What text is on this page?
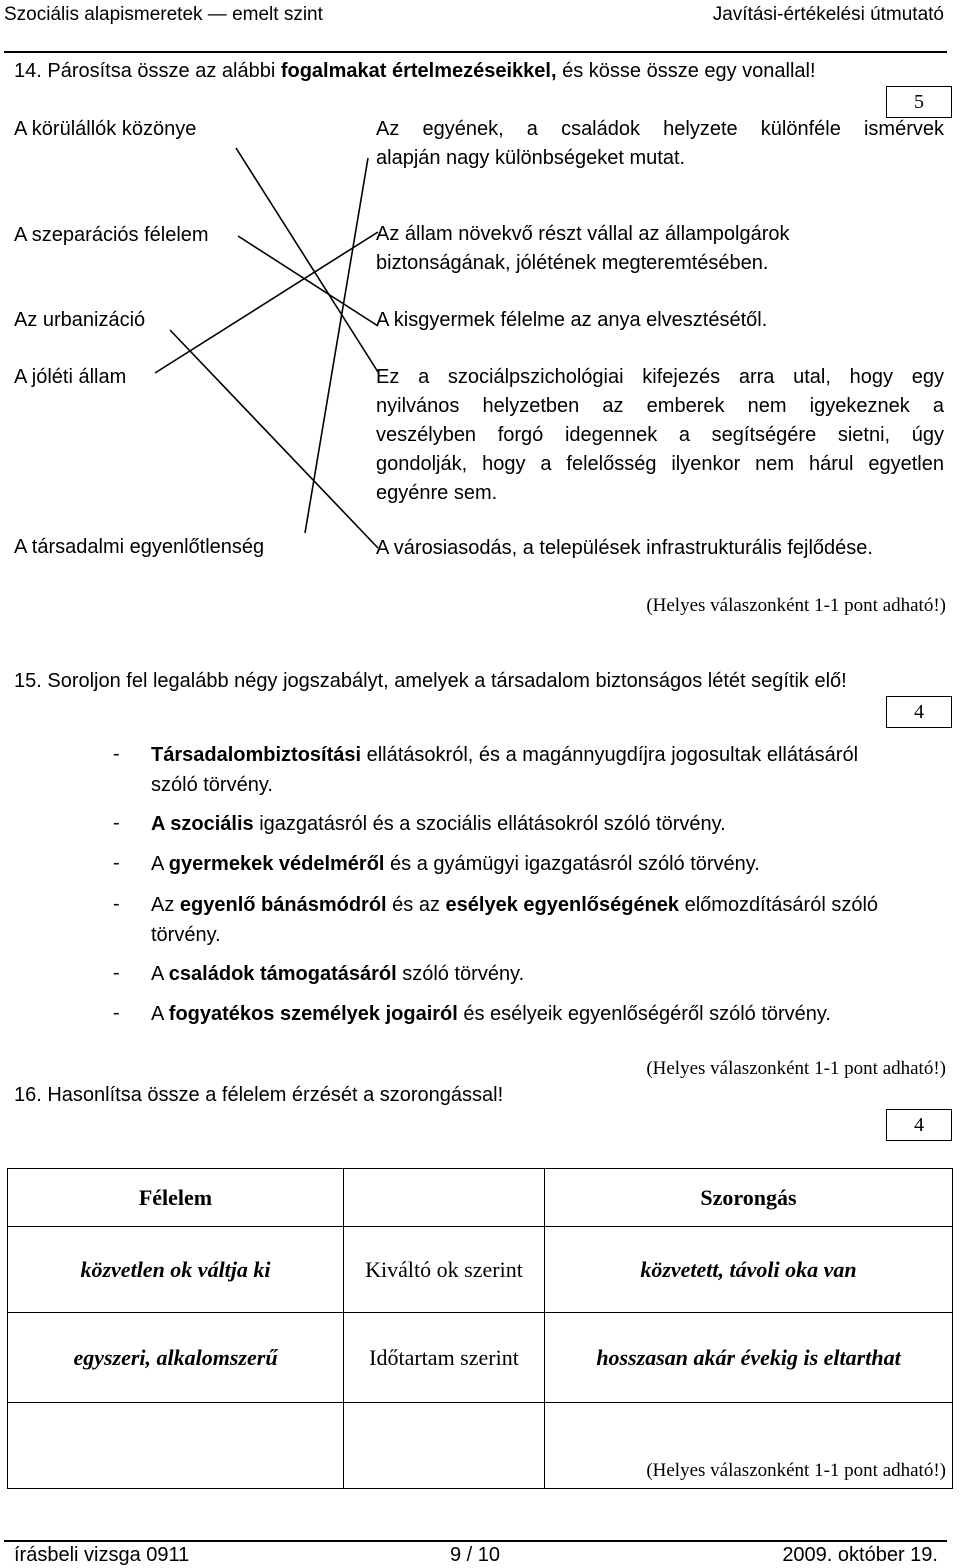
Szociális alapismeretek — emelt szint	Javítási-értékelési útmutató
14. Párosítsa össze az alábbi fogalmakat értelmezéseikkel, és kösse össze egy vonallal!
5
A körülállók közönye
A szeparációs félelem
Az urbanizáció
A jóléti állam
A társadalmi egyenlőtlenség
Az egyének, a családok helyzete különféle ismérvek
alapján nagy különbségeket mutat.
Az állam növekvő részt vállal az állampolgárok
biztonságának, jólétének megteremtésében.
A kisgyermek félelme az anya elvesztésétől.
Ez a szociálpszichológiai kifejezés arra utal, hogy egy
nyilvános helyzetben az emberek nem igyekeznek a
veszélyben forgó idegennek a segítségére sietni, úgy
gondolják, hogy a felelősség ilyenkor nem hárul egyetlen
egyénre sem.
A városiasodás, a települések infrastrukturális fejlődése.
(Helyes válaszonként 1-1 pont adható!)
15. Soroljon fel legalább négy jogszabályt, amelyek a társadalom biztonságos létét segítik elő!
4
- Társadalombiztosítási ellátásokról, és a magánnyugdíjra jogosultak ellátásáról
szóló törvény.
- A szociális igazgatásról és a szociális ellátásokról szóló törvény.
- A gyermekek védelméről és a gyámügyi igazgatásról szóló törvény.
- Az egyenlő bánásmódról és az esélyek egyenlőségének előmozdításáról szóló
törvény.
- A családok támogatásáról szóló törvény.
- A fogyatékos személyek jogairól és esélyeik egyenlőségéről szóló törvény.
(Helyes válaszonként 1-1 pont adható!)
16. Hasonlítsa össze a félelem érzését a szorongással!
4
Félelem		Szorongás
közvetlen ok váltja ki	Kiváltó ok szerint	közvetett, távoli oka van
egyszeri, alkalomszerű	Időtartam szerint	hosszasan akár évekig is eltarthat

(Helyes válaszonként 1-1 pont adható!)
írásbeli vizsga 0911	9 / 10	2009. október 19.
